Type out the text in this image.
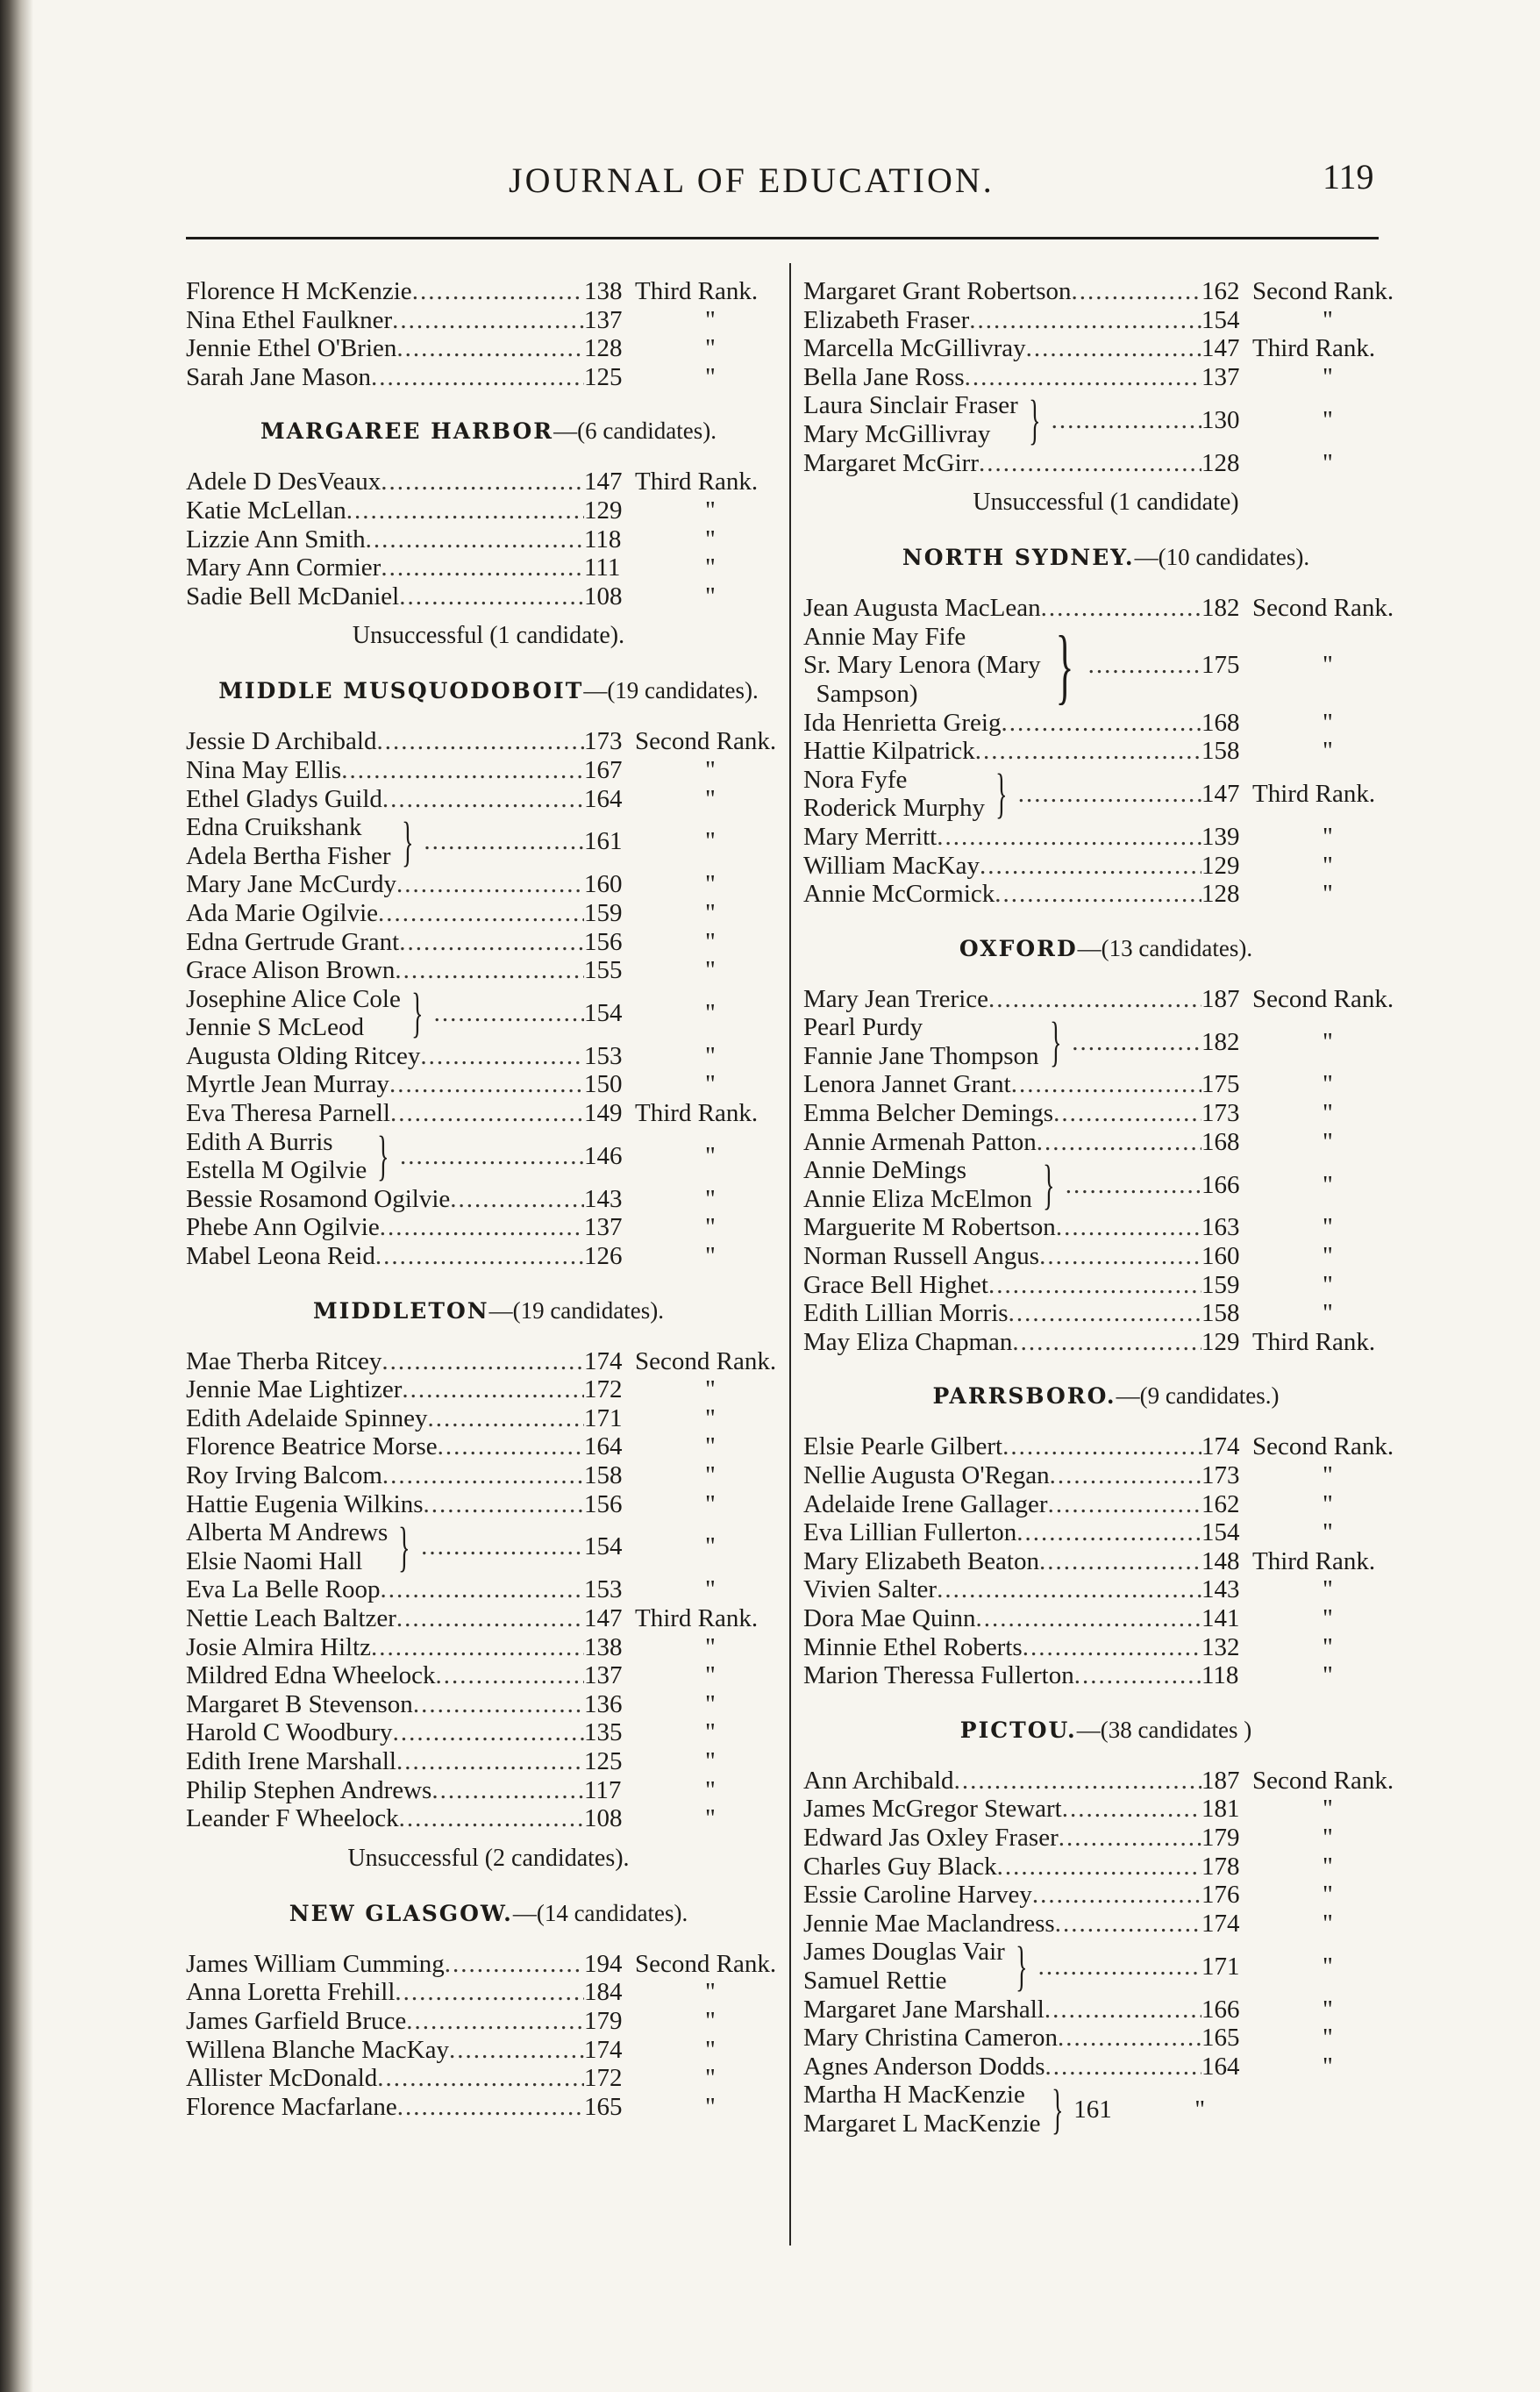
JOURNAL OF EDUCATION.	119
Florence H McKenzie .....	138 Third Rank.
Nina Ethel Faulkner .....	137	"
Jennie Ethel O'Brien .....	128	"
Sarah Jane Mason .....	125	"
MARGAREE HARBOR—(6 candidates).
Adele D DesVeaux .....	147 Third Rank.
Katie McLellan .....	129	"
Lizzie Ann Smith .....	118	"
Mary Ann Cormier .....	111	"
Sadie Bell McDaniel .....	108	"
Unsuccessful (1 candidate).
MIDDLE MUSQUODOBOIT—(19 candidates).
Jessie D Archibald .....	173 Second Rank.
Nina May Ellis .....	167	"
Ethel Gladys Guild .....	164	"
Edna Cruikshank
Adela Bertha Fisher } .....	161	"
Mary Jane McCurdy .....	160	"
Ada Marie Ogilvie .....	159	"
Edna Gertrude Grant .....	156	"
Grace Alison Brown .....	155	"
Josephine Alice Cole
Jennie S McLeod } .....	154	"
Augusta Olding Ritcey .....	153	"
Myrtle Jean Murray .....	150	"
Eva Theresa Parnell .....	149 Third Rank.
Edith A Burris
Estella M Ogilvie } .....	146	"
Bessie Rosamond Ogilvie .....	143	"
Phebe Ann Ogilvie .....	137	"
Mabel Leona Reid .....	126	"
MIDDLETON—(19 candidates).
Mae Therba Ritcey .....	174 Second Rank.
Jennie Mae Lightizer .....	172	"
Edith Adelaide Spinney .....	171	"
Florence Beatrice Morse .....	164	"
Roy Irving Balcom .....	158	"
Hattie Eugenia Wilkins .....	156	"
Alberta M Andrews
Elsie Naomi Hall } .....	154	"
Eva La Belle Roop .....	153	"
Nettie Leach Baltzer .....	147 Third Rank.
Josie Almira Hiltz .....	138	"
Mildred Edna Wheelock .....	137	"
Margaret B Stevenson .....	136	"
Harold C Woodbury .....	135	"
Edith Irene Marshall .....	125	"
Philip Stephen Andrews .....	117	"
Leander F Wheelock .....	108	"
Unsuccessful (2 candidates).
NEW GLASGOW.—(14 candidates).
James William Cumming .....	194 Second Rank.
Anna Loretta Frehill .....	184	"
James Garfield Bruce .....	179	"
Willena Blanche MacKay .....	174	"
Allister McDonald .....	172	"
Florence Macfarlane .....	165	"
Margaret Grant Robertson .....	162 Second Rank.
Elizabeth Fraser .....	154	"
Marcella McGillivray .....	147 Third Rank.
Bella Jane Ross .....	137	"
Laura Sinclair Fraser
Mary McGillivray } .....	130	"
Margaret McGirr .....	128	"
Unsuccessful (1 candidate)
NORTH SYDNEY.—(10 candidates).
Jean Augusta MacLean .....	182 Second Rank.
Annie May Fife
Sr. Mary Lenora (Mary
Sampson)	} .....	175	"
Ida Henrietta Greig .....	168	"
Hattie Kilpatrick .....	158	"
Nora Fyfe
Roderick Murphy } .....	147 Third Rank.
Mary Merritt .....	139	"
William MacKay .....	129	"
Annie McCormick .....	128	"
OXFORD—(13 candidates).
Mary Jean Trerice .....	187 Second Rank.
Pearl Purdy
Fannie Jane Thompson } .....	182	"
Lenora Jannet Grant .....	175	"
Emma Belcher Demings .....	173	"
Annie Armenah Patton .....	168	"
Annie DeMings
Annie Eliza McElmon } .....	166	"
Marguerite M Robertson .....	163	"
Norman Russell Angus .....	160	"
Grace Bell Highet .....	159	"
Edith Lillian Morris .....	158	"
May Eliza Chapman .....	129 Third Rank.
PARRSBORO.—(9 candidates.)
Elsie Pearle Gilbert .....	174 Second Rank.
Nellie Augusta O'Regan .....	173	"
Adelaide Irene Gallager .....	162	"
Eva Lillian Fullerton .....	154	"
Mary Elizabeth Beaton .....	148 Third Rank.
Vivien Salter .....	143	"
Dora Mae Quinn .....	141	"
Minnie Ethel Roberts .....	132	"
Marion Theressa Fullerton .....	118	"
PICTOU.—(38 candidates )
Ann Archibald .....	187 Second Rank.
James McGregor Stewart .....	181	"
Edward Jas Oxley Fraser .....	179	"
Charles Guy Black .....	178	"
Essie Caroline Harvey .....	176	"
Jennie Mae Maclandress .....	174	"
James Douglas Vair
Samuel Rettie	} .....	171	"
Margaret Jane Marshall .....	166	"
Mary Christina Cameron .....	165	"
Agnes Anderson Dodds .....	164	"
Martha H MacKenzie
Margaret L MacKenzie } 161	"
